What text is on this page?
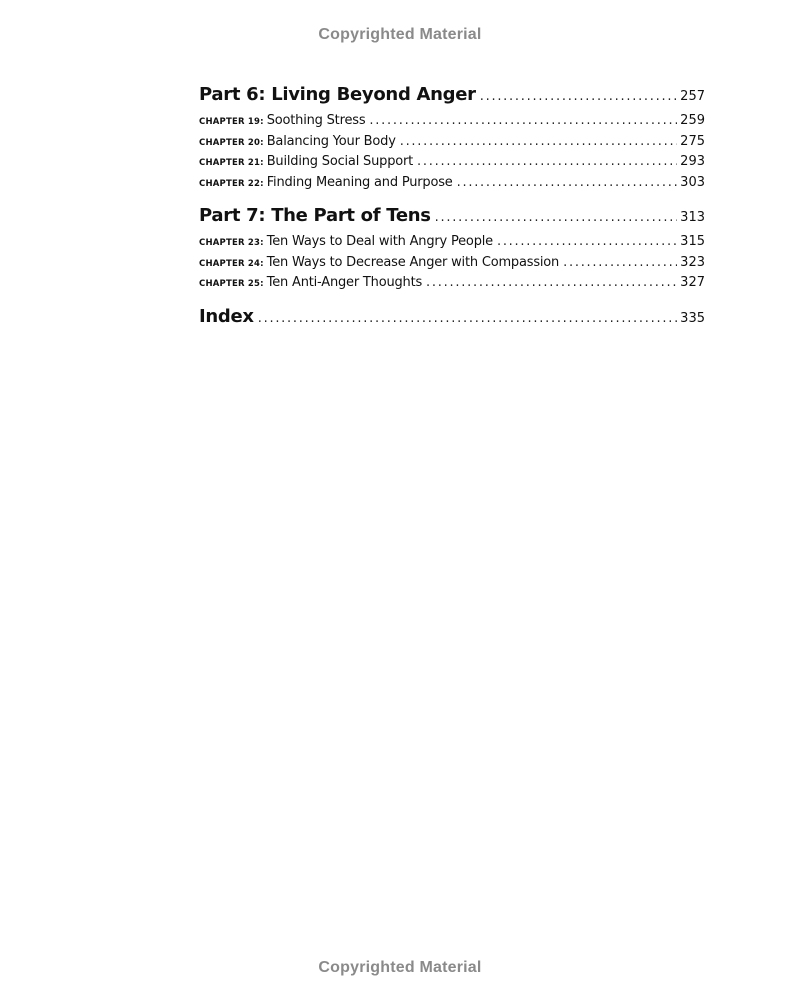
Copyrighted Material
Part 6: Living Beyond Anger . . .	257
CHAPTER 19: Soothing Stress . . .	259
CHAPTER 20: Balancing Your Body . . .	275
CHAPTER 21: Building Social Support . . .	293
CHAPTER 22: Finding Meaning and Purpose . . .	303
Part 7: The Part of Tens . . .	313
CHAPTER 23: Ten Ways to Deal with Angry People . . .	315
CHAPTER 24: Ten Ways to Decrease Anger with Compassion . . .	323
CHAPTER 25: Ten Anti-Anger Thoughts . . .	327
Index . . .	335
Copyrighted Material
